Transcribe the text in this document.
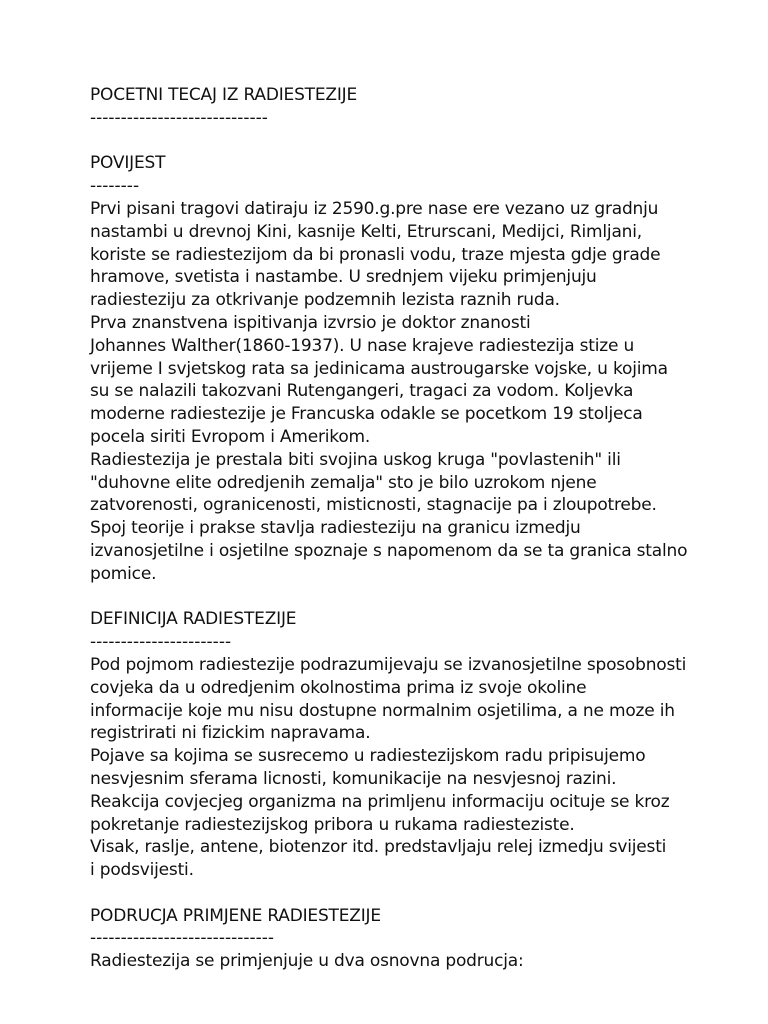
POCETNI TECAJ IZ RADIESTEZIJE
-----------------------------
POVIJEST
--------
Prvi pisani tragovi datiraju iz 2590.g.pre nase ere vezano uz gradnju
nastambi u drevnoj Kini, kasnije Kelti, Etrurscani, Medijci, Rimljani,
koriste se radiestezijom da bi pronasli vodu, traze mjesta gdje grade
hramove, svetista i nastambe. U srednjem vijeku primjenjuju
radiesteziju za otkrivanje podzemnih lezista raznih ruda.
Prva znanstvena ispitivanja izvrsio je doktor znanosti
Johannes Walther(1860-1937). U nase krajeve radiestezija stize u
vrijeme I svjetskog rata sa jedinicama austrougarske vojske, u kojima
su se nalazili takozvani Rutengangeri, tragaci za vodom. Koljevka
moderne radiestezije je Francuska odakle se pocetkom 19 stoljeca
pocela siriti Evropom i Amerikom.
Radiestezija je prestala biti svojina uskog kruga "povlastenih" ili
"duhovne elite odredjenih zemalja" sto je bilo uzrokom njene
zatvorenosti, ogranicenosti, misticnosti, stagnacije pa i zloupotrebe.
Spoj teorije i prakse stavlja radiesteziju na granicu izmedju
izvanosjetilne i osjetilne spoznaje s napomenom da se ta granica stalno
pomice.
DEFINICIJA RADIESTEZIJE
-----------------------
Pod pojmom radiestezije podrazumijevaju se izvanosjetilne sposobnosti
covjeka da u odredjenim okolnostima prima iz svoje okoline
informacije koje mu nisu dostupne normalnim osjetilima, a ne moze ih
registrirati ni fizickim napravama.
Pojave sa kojima se susrecemo u radiestezijskom radu pripisujemo
nesvjesnim sferama licnosti, komunikacije na nesvjesnoj razini.
Reakcija covjecjeg organizma na primljenu informaciju ocituje se kroz
pokretanje radiestezijskog pribora u rukama radiesteziste.
Visak, raslje, antene, biotenzor itd. predstavljaju relej izmedju svijesti
i podsvijesti.
PODRUCJA PRIMJENE RADIESTEZIJE
------------------------------
Radiestezija se primjenjuje u dva osnovna podrucja:
